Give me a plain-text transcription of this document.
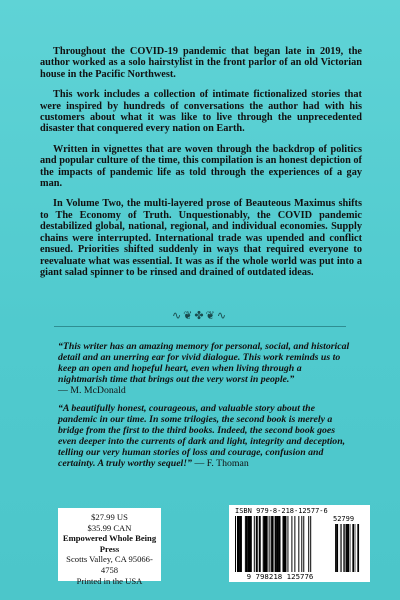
Throughout the COVID-19 pandemic that began late in 2019, the author worked as a solo hairstylist in the front parlor of an old Victorian house in the Pacific Northwest.

This work includes a collection of intimate fictionalized stories that were inspired by hundreds of conversations the author had with his customers about what it was like to live through the unprecedented disaster that conquered every nation on Earth.

Written in vignettes that are woven through the backdrop of politics and popular culture of the time, this compilation is an honest depiction of the impacts of pandemic life as told through the experiences of a gay man.

In Volume Two, the multi-layered prose of Beauteous Maximus shifts to The Economy of Truth. Unquestionably, the COVID pandemic destabilized global, national, regional, and individual economies. Supply chains were interrupted. International trade was upended and conflict ensued. Priorities shifted suddenly in ways that required everyone to reevaluate what was essential. It was as if the whole world was put into a giant salad spinner to be rinsed and drained of outdated ideas.

∿❦✤❦∿

“This writer has an amazing memory for personal, social, and historical detail and an unerring ear for vivid dialogue. This work reminds us to keep an open and hopeful heart, even when living through a nightmarish time that brings out the very worst in people.” — M. McDonald

“A beautifully honest, courageous, and valuable story about the pandemic in our time. In some trilogies, the second book is merely a bridge from the first to the third books. Indeed, the second book goes even deeper into the currents of dark and light, integrity and deception, telling our very human stories of loss and courage, confusion and certainty. A truly worthy sequel!” — F. Thoman

$27.99 US
$35.99 CAN
Empowered Whole Being Press
Scotts Valley, CA 95066-4758
Printed in the USA
ISBN 979-8-218-12577-6
52799
9 798218 125776
